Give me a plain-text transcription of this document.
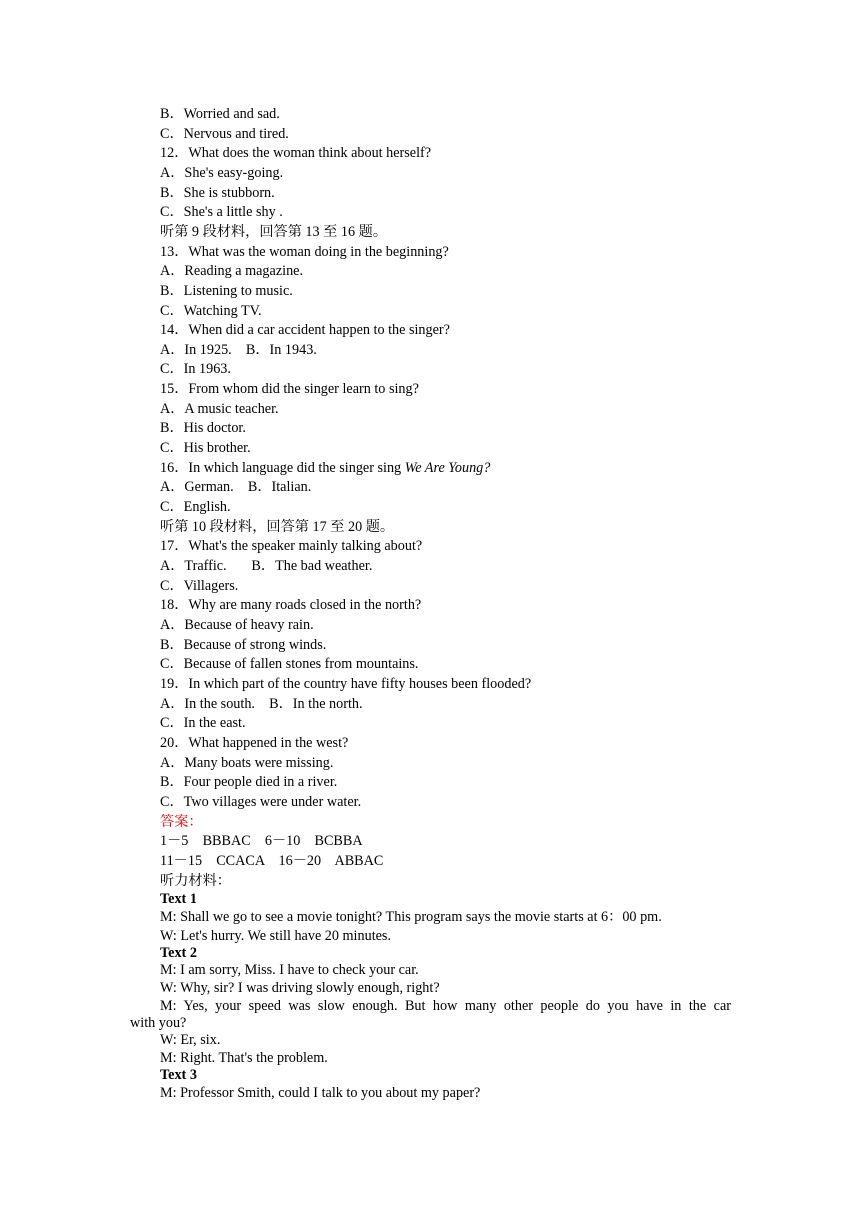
B．Worried and sad.
C．Nervous and tired.
12．What does the woman think about herself?
A．She's easy-going.
B．She is stubborn.
C．She's a little shy .
听第 9 段材料，回答第 13 至 16 题。
13．What was the woman doing in the beginning?
A．Reading a magazine.
B．Listening to music.
C．Watching TV.
14．When did a car accident happen to the singer?
A．In 1925.    B．In 1943.
C．In 1963.
15．From whom did the singer learn to sing?
A．A music teacher.
B．His doctor.
C．His brother.
16．In which language did the singer sing We Are Young?
A．German.    B．Italian.
C．English.
听第 10 段材料，回答第 17 至 20 题。
17．What's the speaker mainly talking about?
A．Traffic.       B．The bad weather.
C．Villagers.
18．Why are many roads closed in the north?
A．Because of heavy rain.
B．Because of strong winds.
C．Because of fallen stones from mountains.
19．In which part of the country have fifty houses been flooded?
A．In the south.    B．In the north.
C．In the east.
20．What happened in the west?
A．Many boats were missing.
B．Four people died in a river.
C．Two villages were under water.
答案：
1－5    BBBAC    6－10    BCBBA
11－15    CCACA    16－20    ABBAC
听力材料：
Text 1
M: Shall we go to see a movie tonight? This program says the movie starts at 6：00 pm.
W: Let's hurry. We still have 20 minutes.
Text 2
M: I am sorry, Miss. I have to check your car.
W: Why, sir? I was driving slowly enough, right?
M: Yes, your speed was slow enough. But how many other people do you have in the car
with you?
W: Er, six.
M: Right. That's the problem.
Text 3
M: Professor Smith, could I talk to you about my paper?
